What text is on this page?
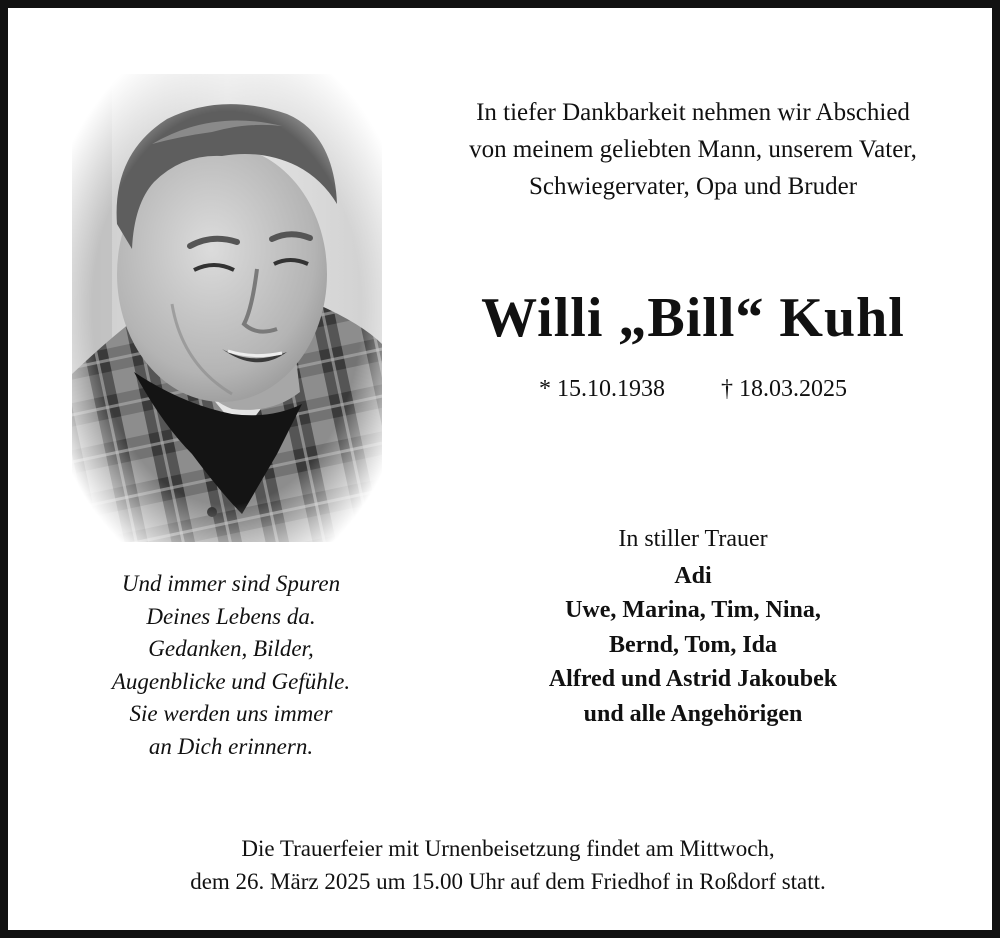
In tiefer Dankbarkeit nehmen wir Abschied
von meinem geliebten Mann, unserem Vater,
Schwiegervater, Opa und Bruder
Willi „Bill“ Kuhl
* 15.10.1938 † 18.03.2025
Und immer sind Spuren
Deines Lebens da.
Gedanken, Bilder,
Augenblicke und Gefühle.
Sie werden uns immer
an Dich erinnern.
In stiller Trauer
Adi
Uwe, Marina, Tim, Nina,
Bernd, Tom, Ida
Alfred und Astrid Jakoubek
und alle Angehörigen
Die Trauerfeier mit Urnenbeisetzung findet am Mittwoch,
dem 26. März 2025 um 15.00 Uhr auf dem Friedhof in Roßdorf statt.
